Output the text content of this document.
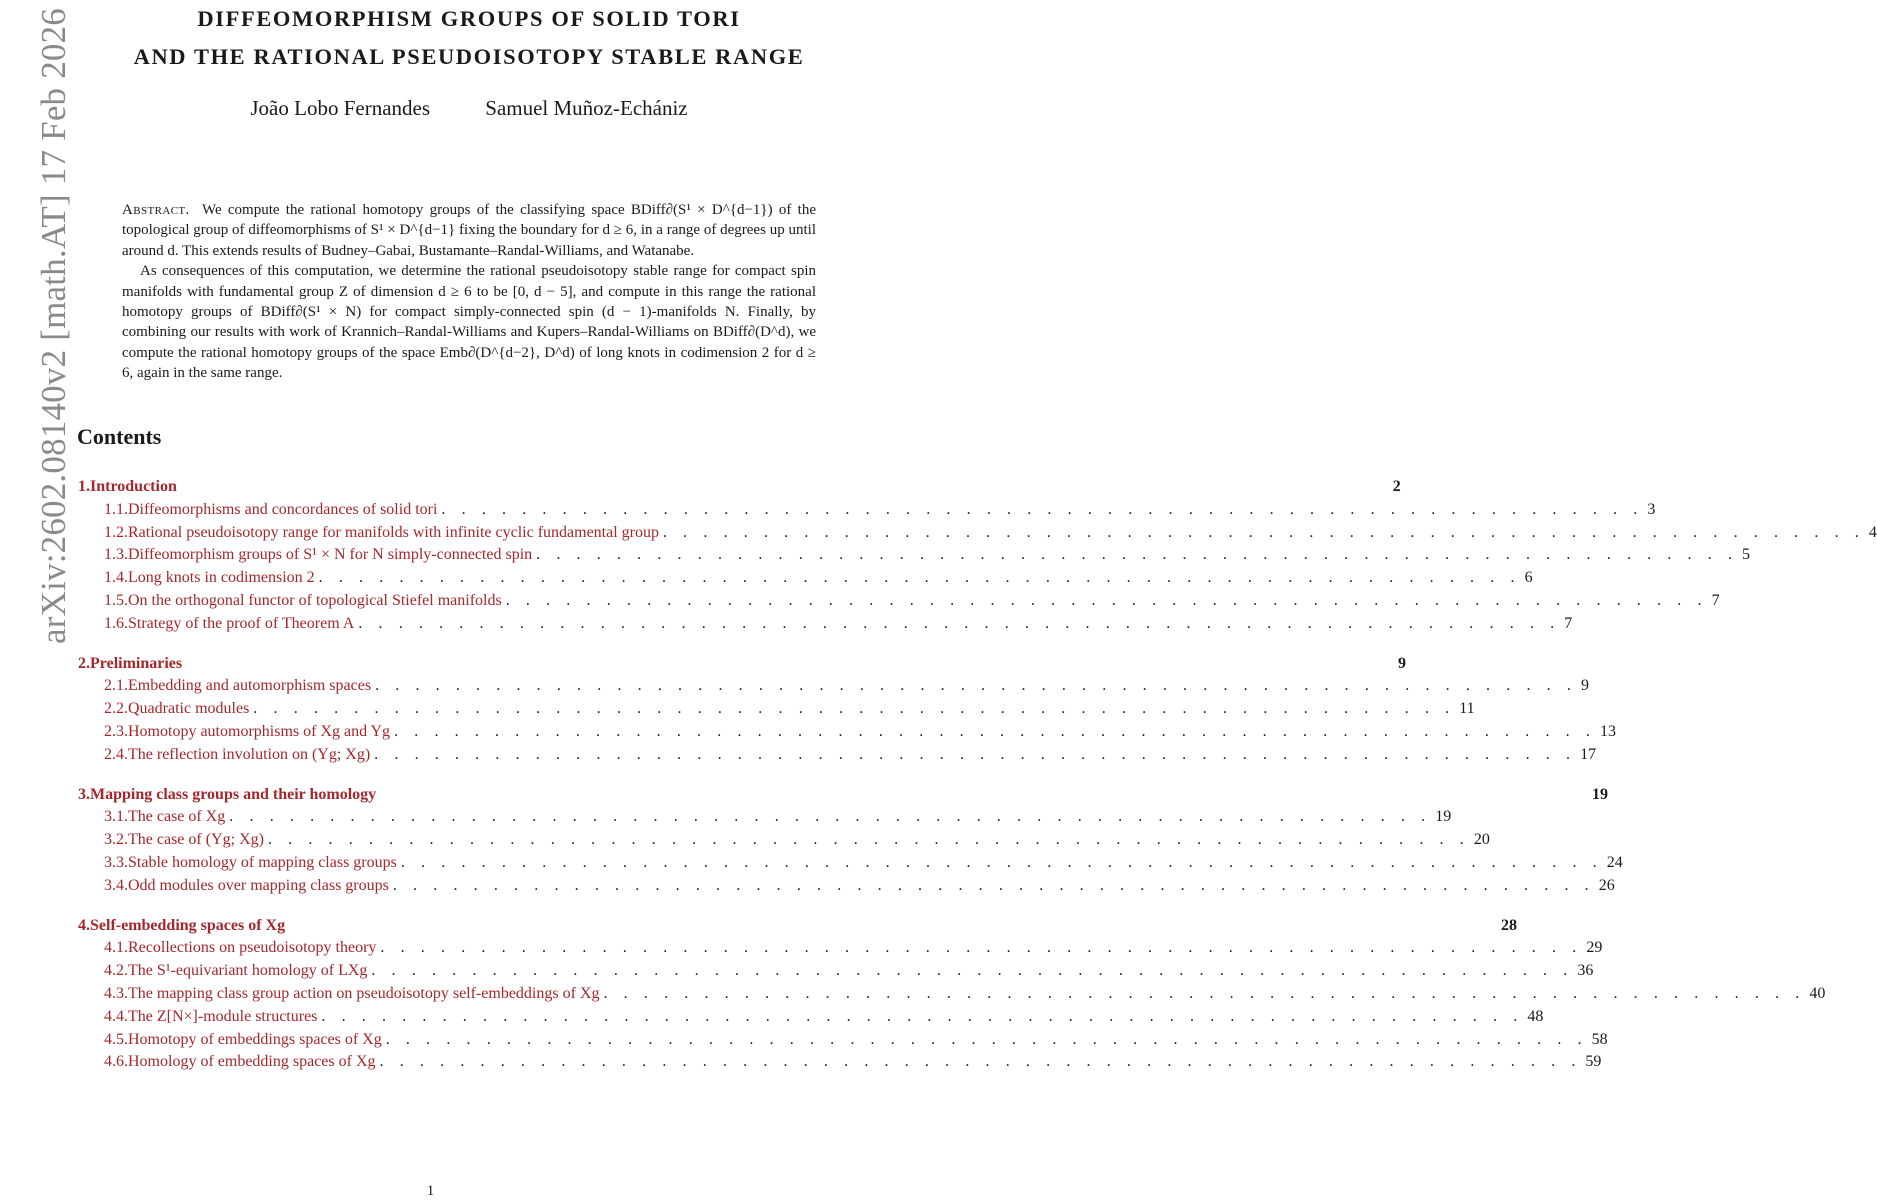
arXiv:2602.08140v2 [math.AT] 17 Feb 2026	DIFFEOMORPHISM GROUPS OF SOLID TORI
AND THE RATIONAL PSEUDOISOTOPY STABLE RANGE
João Lobo Fernandes	Samuel Muñoz-Echániz

Abstract. We compute the rational homotopy groups of the classifying space BDiff∂(S¹ × D^{d−1}) of the topological group of diffeomorphisms of S¹ × D^{d−1} fixing the boundary for d ≥ 6, in a range of degrees up until around d. This extends results of Budney–Gabai, Bustamante–Randal-Williams, and Watanabe.

As consequences of this computation, we determine the rational pseudoisotopy stable range for compact spin manifolds with fundamental group Z of dimension d ≥ 6 to be [0, d − 5], and compute in this range the rational homotopy groups of BDiff∂(S¹ × N) for compact simply-connected spin (d − 1)-manifolds N. Finally, by combining our results with work of Krannich–Randal-Williams and Kupers–Randal-Williams on BDiff∂(D^d), we compute the rational homotopy groups of the space Emb∂(D^{d−2}, D^d) of long knots in codimension 2 for d ≥ 6, again in the same range.

Contents
1. Introduction	2
1.1. Diffeomorphisms and concordances of solid tori . . . . . . . . . . . . . . . . . . . . . . . . . . . . . . . . . . . . . . . . . . . . . . . . . . . . . . . . . . . . 3
1.2. Rational pseudoisotopy range for manifolds with infinite cyclic fundamental group . . . . . . . . . . . . . . . . . . . . . . . . . . . . . . . . . . . . . . . . . . . . . . . . . . . . . . . . . . . . 4
1.3. Diffeomorphism groups of S¹ × N for N simply-connected spin . . . . . . . . . . . . . . . . . . . . . . . . . . . . . . . . . . . . . . . . . . . . . . . . . . . . . . . . . . . . 5
1.4. Long knots in codimension 2 . . . . . . . . . . . . . . . . . . . . . . . . . . . . . . . . . . . . . . . . . . . . . . . . . . . . . . . . . . . . 6
1.5. On the orthogonal functor of topological Stiefel manifolds . . . . . . . . . . . . . . . . . . . . . . . . . . . . . . . . . . . . . . . . . . . . . . . . . . . . . . . . . . . . 7
1.6. Strategy of the proof of Theorem A . . . . . . . . . . . . . . . . . . . . . . . . . . . . . . . . . . . . . . . . . . . . . . . . . . . . . . . . . . . . 7
2. Preliminaries	9
2.1. Embedding and automorphism spaces . . . . . . . . . . . . . . . . . . . . . . . . . . . . . . . . . . . . . . . . . . . . . . . . . . . . . . . . . . . . 9
2.2. Quadratic modules . . . . . . . . . . . . . . . . . . . . . . . . . . . . . . . . . . . . . . . . . . . . . . . . . . . . . . . . . . . . 11
2.3. Homotopy automorphisms of Xg and Yg . . . . . . . . . . . . . . . . . . . . . . . . . . . . . . . . . . . . . . . . . . . . . . . . . . . . . . . . . . . . 13
2.4. The reflection involution on (Yg; Xg) . . . . . . . . . . . . . . . . . . . . . . . . . . . . . . . . . . . . . . . . . . . . . . . . . . . . . . . . . . . . 17
3. Mapping class groups and their homology	19
3.1. The case of Xg . . . . . . . . . . . . . . . . . . . . . . . . . . . . . . . . . . . . . . . . . . . . . . . . . . . . . . . . . . . . 19
3.2. The case of (Yg; Xg) . . . . . . . . . . . . . . . . . . . . . . . . . . . . . . . . . . . . . . . . . . . . . . . . . . . . . . . . . . . . 20
3.3. Stable homology of mapping class groups . . . . . . . . . . . . . . . . . . . . . . . . . . . . . . . . . . . . . . . . . . . . . . . . . . . . . . . . . . . . 24
3.4. Odd modules over mapping class groups . . . . . . . . . . . . . . . . . . . . . . . . . . . . . . . . . . . . . . . . . . . . . . . . . . . . . . . . . . . . 26
4. Self-embedding spaces of Xg	28
4.1. Recollections on pseudoisotopy theory . . . . . . . . . . . . . . . . . . . . . . . . . . . . . . . . . . . . . . . . . . . . . . . . . . . . . . . . . . . . 29
4.2. The S¹-equivariant homology of LXg . . . . . . . . . . . . . . . . . . . . . . . . . . . . . . . . . . . . . . . . . . . . . . . . . . . . . . . . . . . . 36
4.3. The mapping class group action on pseudoisotopy self-embeddings of Xg . . . . . . . . . . . . . . . . . . . . . . . . . . . . . . . . . . . . . . . . . . . . . . . . . . . . . . . . . . . . 40
4.4. The Z[N×]-module structures . . . . . . . . . . . . . . . . . . . . . . . . . . . . . . . . . . . . . . . . . . . . . . . . . . . . . . . . . . . . 48
4.5. Homotopy of embeddings spaces of Xg . . . . . . . . . . . . . . . . . . . . . . . . . . . . . . . . . . . . . . . . . . . . . . . . . . . . . . . . . . . . 58
4.6. Homology of embedding spaces of Xg . . . . . . . . . . . . . . . . . . . . . . . . . . . . . . . . . . . . . . . . . . . . . . . . . . . . . . . . . . . . 59
1
